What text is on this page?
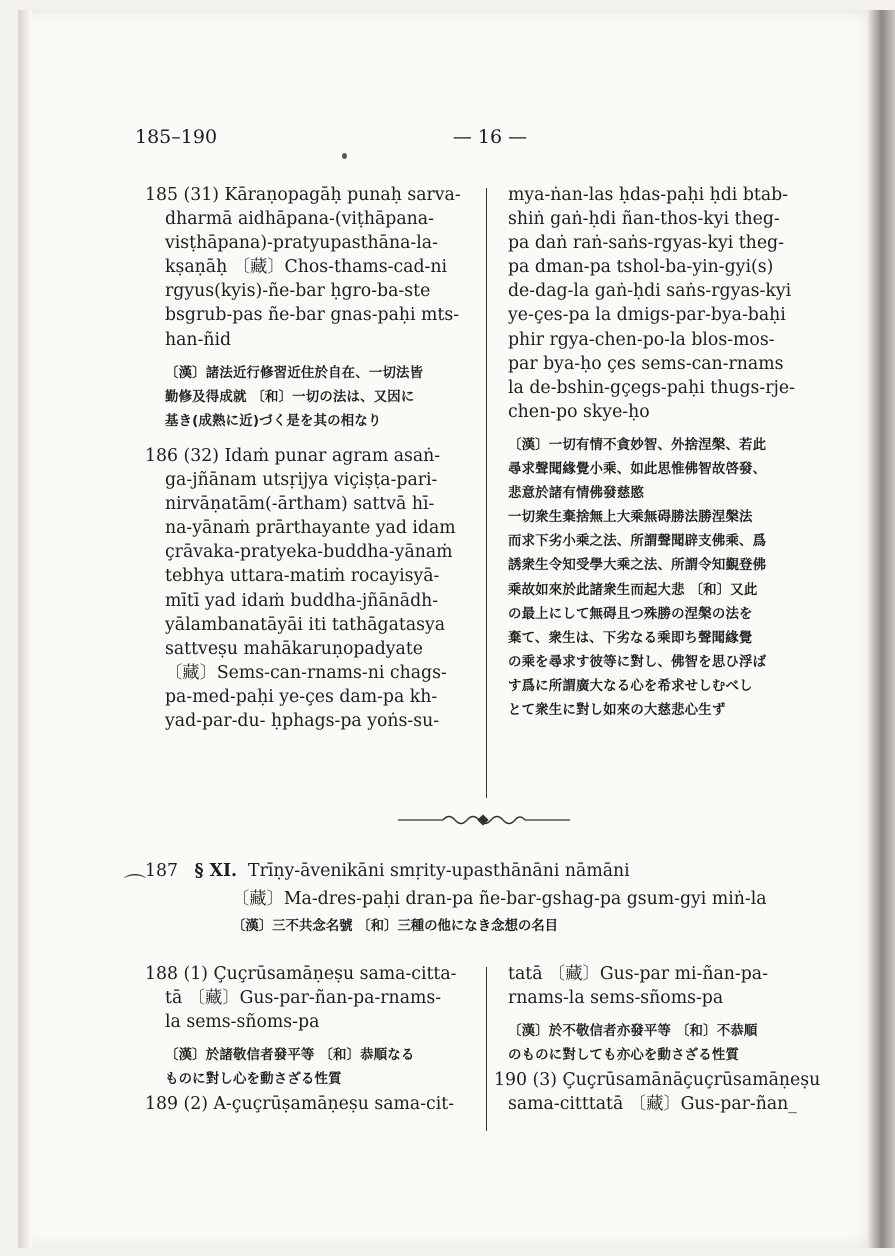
185–190	— 16 —
185 (31) Kāraṇopagāḥ punaḥ sarva-
dharmā aidhāpana-(viṭhāpana-
visṭhāpana)-pratyupasthāna-la-
kṣaṇāḥ 〔藏〕Chos-thams-cad-ni
rgyus(kyis)-ñe-bar ḥgro-ba-ste
bsgrub-pas ñe-bar gnas-paḥi mts-
han-ñid
〔漢〕諸法近行修習近住於自在、一切法皆
勤修及得成就 〔和〕一切の法は、又因に
基き(成熟に近)づく是を其の相なり
186 (32) Idaṁ punar agram asaṅ-
ga-jñānam utsṛijya viçiṣṭa-pari-
nirvāṇatām(-ārtham) sattvā hī-
na-yānaṁ prārthayante yad idam
çrāvaka-pratyeka-buddha-yānaṁ
tebhya uttara-matiṁ rocayisyā-
mītī yad idaṁ buddha-jñānādh-
yālambanatāyāi iti tathāgatasya
sattveṣu mahākaruṇopadyate
〔藏〕Sems-can-rnams-ni chags-
pa-med-paḥi ye-çes dam-pa kh-
yad-par-du- ḥphags-pa yoṅs-su-
mya-ṅan-las ḥdas-paḥi ḥdi btab-
shiṅ gaṅ-ḥdi ñan-thos-kyi theg-
pa daṅ raṅ-saṅs-rgyas-kyi theg-
pa dman-pa tshol-ba-yin-gyi(s)
de-dag-la gaṅ-ḥdi saṅs-rgyas-kyi
ye-çes-pa la dmigs-par-bya-baḥi
phir rgya-chen-po-la blos-mos-
par bya-ḥo çes sems-can-rnams
la de-bshin-gçegs-paḥi thugs-rje-
chen-po skye-ḥo
〔漢〕一切有情不貪妙智、外捨涅槃、若此
尋求聲聞緣覺小乘、如此思惟佛智故啓發、
悲意於諸有情佛發慈愍
一切衆生棄捨無上大乘無碍勝法勝涅槃法
而求下劣小乘之法、所謂聲聞辟支佛乘、爲
誘衆生令知受學大乘之法、所謂令知覲登佛
乘故如來於此諸衆生而起大悲 〔和〕又此
の最上にして無碍且つ殊勝の涅槃の法を
棄て、衆生は、下劣なる乘即ち聲聞緣覺
の乘を尋求す彼等に對し、佛智を思ひ浮ば
す爲に所謂廣大なる心を希求せしむべし
とて衆生に對し如來の大慈悲心生ず
⌒
187 § XI. Trīṇy-āvenikāni smṛity-upasthānāni nāmāni
〔藏〕Ma-dres-paḥi dran-pa ñe-bar-gshag-pa gsum-gyi miṅ-la
〔漢〕三不共念名號 〔和〕三種の他になき念想の名目
188 (1) Çuçrūsamāṇeṣu sama-citta-
tā 〔藏〕Gus-par-ñan-pa-rnams-
la sems-sñoms-pa
〔漢〕於諸敬信者發平等 〔和〕恭順なる
ものに對し心を動さざる性質
189 (2) A-çuçrūṣamāṇeṣu sama-cit-
tatā 〔藏〕Gus-par mi-ñan-pa-
rnams-la sems-sñoms-pa
〔漢〕於不敬信者亦發平等 〔和〕不恭順
のものに對しても亦心を動さざる性質
190 (3) Çuçrūsamānāçuçrūsamāṇeṣu
sama-citttatā 〔藏〕Gus-par-ñan_
